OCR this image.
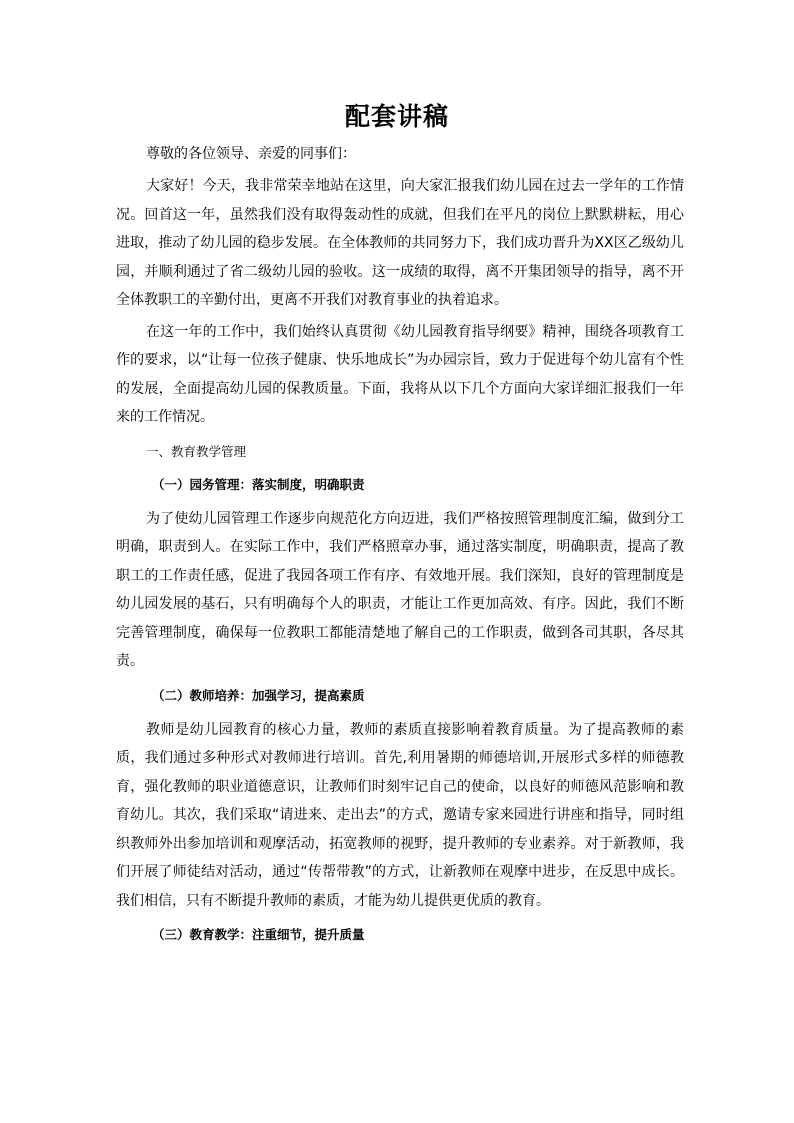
配套讲稿

尊敬的各位领导、亲爱的同事们：

大家好！今天，我非常荣幸地站在这里，向大家汇报我们幼儿园在过去一学年的工作情况。回首这一年，虽然我们没有取得轰动性的成就，但我们在平凡的岗位上默默耕耘，用心进取，推动了幼儿园的稳步发展。在全体教师的共同努力下，我们成功晋升为XX区乙级幼儿园，并顺利通过了省二级幼儿园的验收。这一成绩的取得，离不开集团领导的指导，离不开全体教职工的辛勤付出，更离不开我们对教育事业的执着追求。

在这一年的工作中，我们始终认真贯彻《幼儿园教育指导纲要》精神，围绕各项教育工作的要求，以“让每一位孩子健康、快乐地成长”为办园宗旨，致力于促进每个幼儿富有个性的发展，全面提高幼儿园的保教质量。下面，我将从以下几个方面向大家详细汇报我们一年来的工作情况。

一、教育教学管理

（一）园务管理：落实制度，明确职责

为了使幼儿园管理工作逐步向规范化方向迈进，我们严格按照管理制度汇编，做到分工明确，职责到人。在实际工作中，我们严格照章办事，通过落实制度，明确职责，提高了教职工的工作责任感，促进了我园各项工作有序、有效地开展。我们深知，良好的管理制度是幼儿园发展的基石，只有明确每个人的职责，才能让工作更加高效、有序。因此，我们不断完善管理制度，确保每一位教职工都能清楚地了解自己的工作职责，做到各司其职，各尽其责。

（二）教师培养：加强学习，提高素质

教师是幼儿园教育的核心力量，教师的素质直接影响着教育质量。为了提高教师的素质，我们通过多种形式对教师进行培训。首先,利用暑期的师德培训,开展形式多样的师德教育，强化教师的职业道德意识，让教师们时刻牢记自己的使命，以良好的师德风范影响和教育幼儿。其次，我们采取“请进来、走出去”的方式，邀请专家来园进行讲座和指导，同时组织教师外出参加培训和观摩活动，拓宽教师的视野，提升教师的专业素养。对于新教师，我们开展了师徒结对活动，通过“传帮带教”的方式，让新教师在观摩中进步，在反思中成长。我们相信，只有不断提升教师的素质，才能为幼儿提供更优质的教育。

（三）教育教学：注重细节，提升质量
